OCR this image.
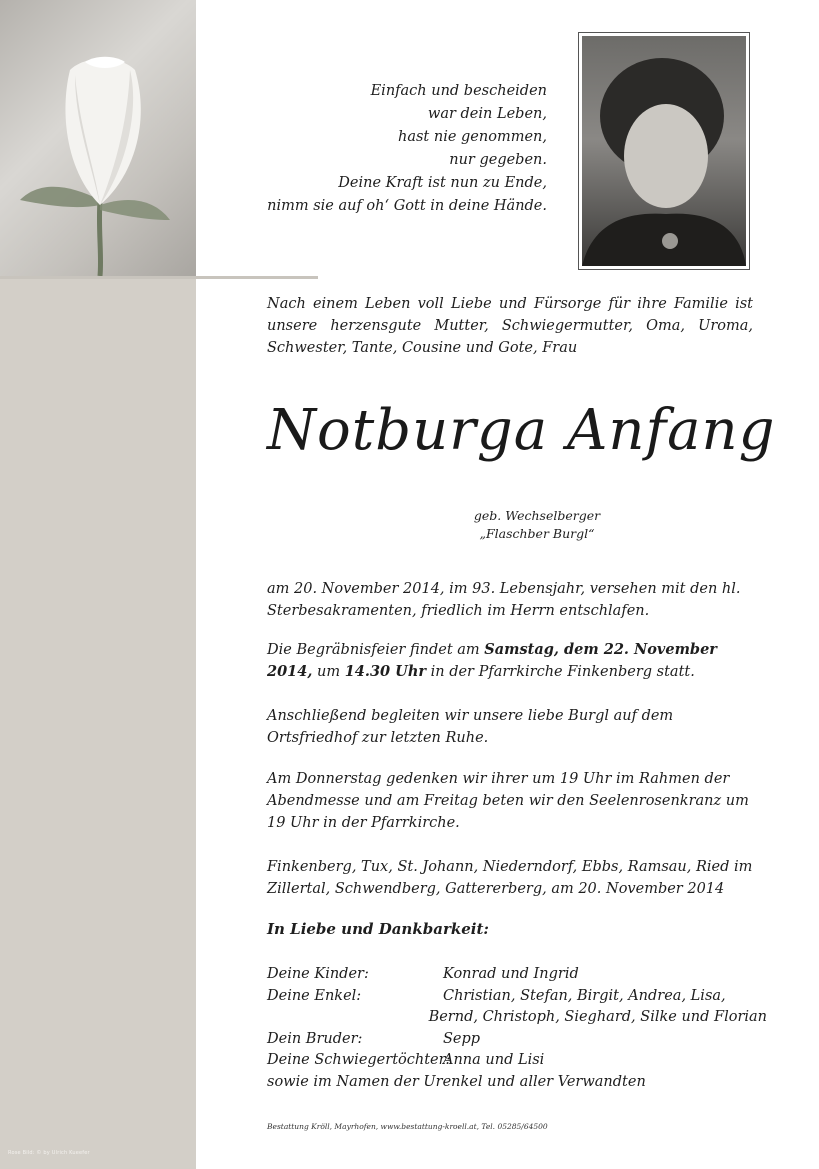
Rose Bild: © by Ulrich Kueefer
Einfach und bescheiden
war dein Leben,
hast nie genommen,
nur gegeben.
Deine Kraft ist nun zu Ende,
nimm sie auf oh‘ Gott in deine Hände.
Nach einem Leben voll Liebe und Fürsorge für ihre Familie ist unsere herzensgute Mutter, Schwiegermutter, Oma, Uroma, Schwester, Tante, Cousine und Gote, Frau
Notburga Anfang
geb. Wechselberger
„Flaschber Burgl“
am 20. November 2014, im 93. Lebensjahr, versehen mit den hl. Sterbesakramenten, friedlich im Herrn entschlafen.
Die Begräbnisfeier findet am Samstag, dem 22. November 2014, um 14.30 Uhr in der Pfarrkirche Finkenberg statt.
Anschließend begleiten wir unsere liebe Burgl auf dem Ortsfriedhof zur letzten Ruhe.
Am Donnerstag gedenken wir ihrer um 19 Uhr im Rahmen der Abendmesse und am Freitag beten wir den Seelenrosenkranz um 19 Uhr in der Pfarrkirche.
Finkenberg, Tux, St. Johann, Niederndorf, Ebbs, Ramsau, Ried im Zillertal, Schwendberg, Gattererberg, am 20. November 2014
In Liebe und Dankbarkeit:
Deine Kinder:	Konrad und Ingrid
Deine Enkel:	Christian, Stefan, Birgit, Andrea, Lisa,
Bernd, Christoph, Sieghard, Silke und Florian
Dein Bruder:	Sepp
Deine Schwiegertöchter:
Anna und Lisi
sowie im Namen der Urenkel und aller Verwandten
Bestattung Kröll, Mayrhofen, www.bestattung-kroell.at, Tel. 05285/64500
